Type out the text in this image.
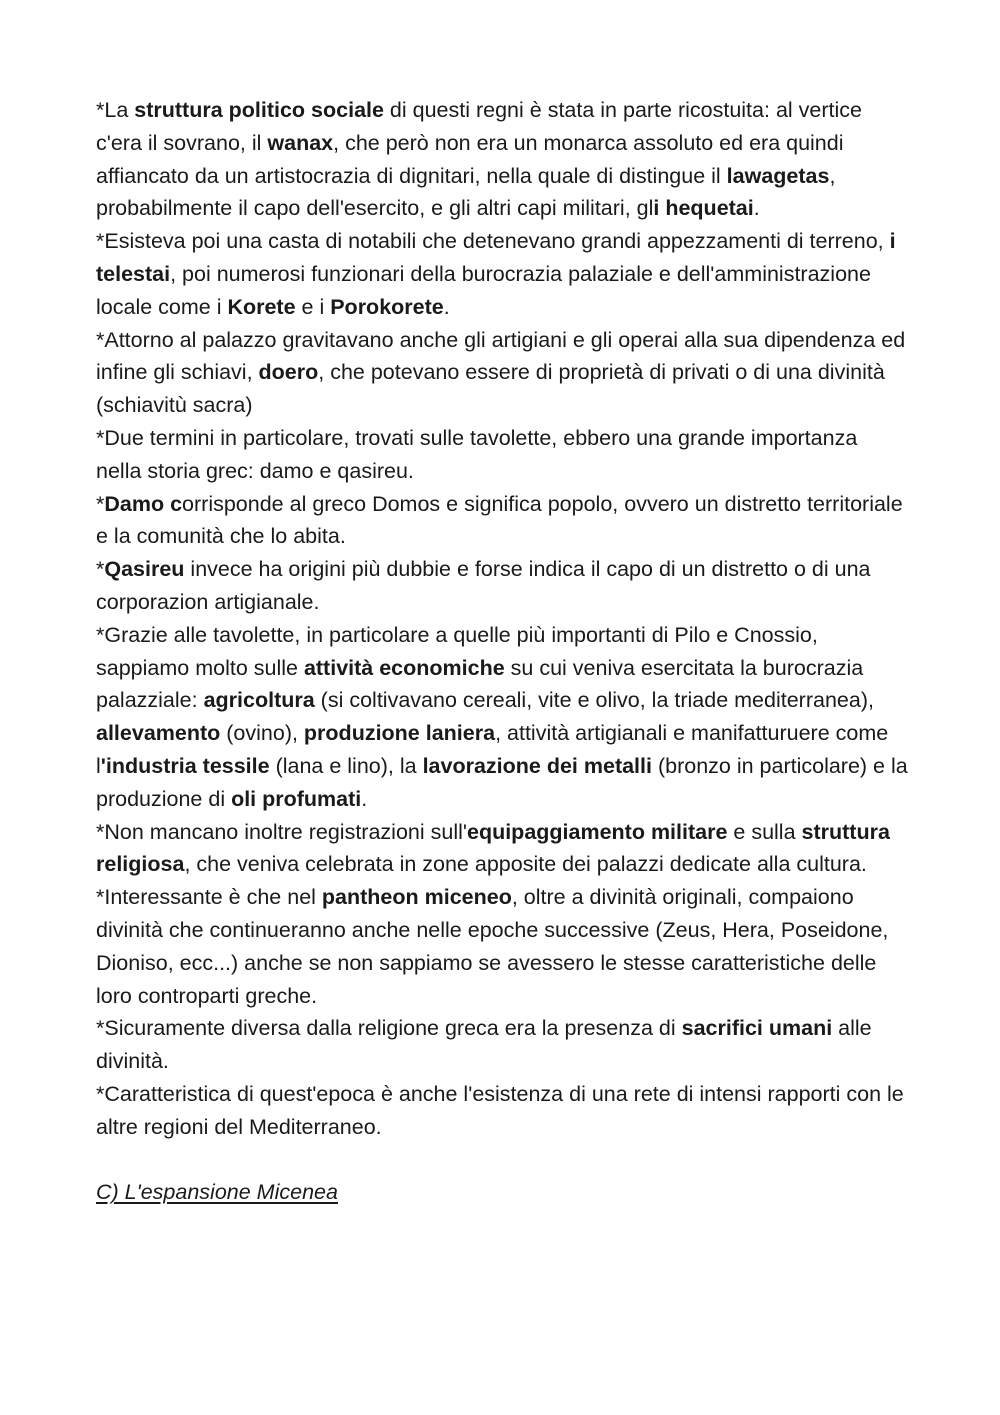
*La struttura politico sociale di questi regni è stata in parte ricostuita: al vertice c'era il sovrano, il wanax, che però non era un monarca assoluto ed era quindi affiancato da un artistocrazia di dignitari, nella quale di distingue il lawagetas, probabilmente il capo dell'esercito, e gli altri capi militari, gli hequetai.

*Esisteva poi una casta di notabili che detenevano grandi appezzamenti di terreno, i telestai, poi numerosi funzionari della burocrazia palaziale e dell'amministrazione locale come i Korete e i Porokorete.

*Attorno al palazzo gravitavano anche gli artigiani e gli operai alla sua dipendenza ed infine gli schiavi, doero, che potevano essere di proprietà di privati o di una divinità (schiavitù sacra)

*Due termini in particolare, trovati sulle tavolette, ebbero una grande importanza nella storia grec: damo e qasireu.

*Damo corrisponde al greco Domos e significa popolo, ovvero un distretto territoriale e la comunità che lo abita.

*Qasireu invece ha origini più dubbie e forse indica il capo di un distretto o di una corporazion artigianale.

*Grazie alle tavolette, in particolare a quelle più importanti di Pilo e Cnossio, sappiamo molto sulle attività economiche su cui veniva esercitata la burocrazia palazziale: agricoltura (si coltivavano cereali, vite e olivo, la triade mediterranea), allevamento (ovino), produzione laniera, attività artigianali e manifatturuere come l'industria tessile (lana e lino), la lavorazione dei metalli (bronzo in particolare) e la produzione di oli profumati.

*Non mancano inoltre registrazioni sull'equipaggiamento militare e sulla struttura religiosa, che veniva celebrata in zone apposite dei palazzi dedicate alla cultura.

*Interessante è che nel pantheon miceneo, oltre a divinità originali, compaiono divinità che continueranno anche nelle epoche successive (Zeus, Hera, Poseidone, Dioniso, ecc...) anche se non sappiamo se avessero le stesse caratteristiche delle loro controparti greche.

*Sicuramente diversa dalla religione greca era la presenza di sacrifici umani alle divinità.

*Caratteristica di quest'epoca è anche l'esistenza di una rete di intensi rapporti con le altre regioni del Mediterraneo.

C) L'espansione Micenea
